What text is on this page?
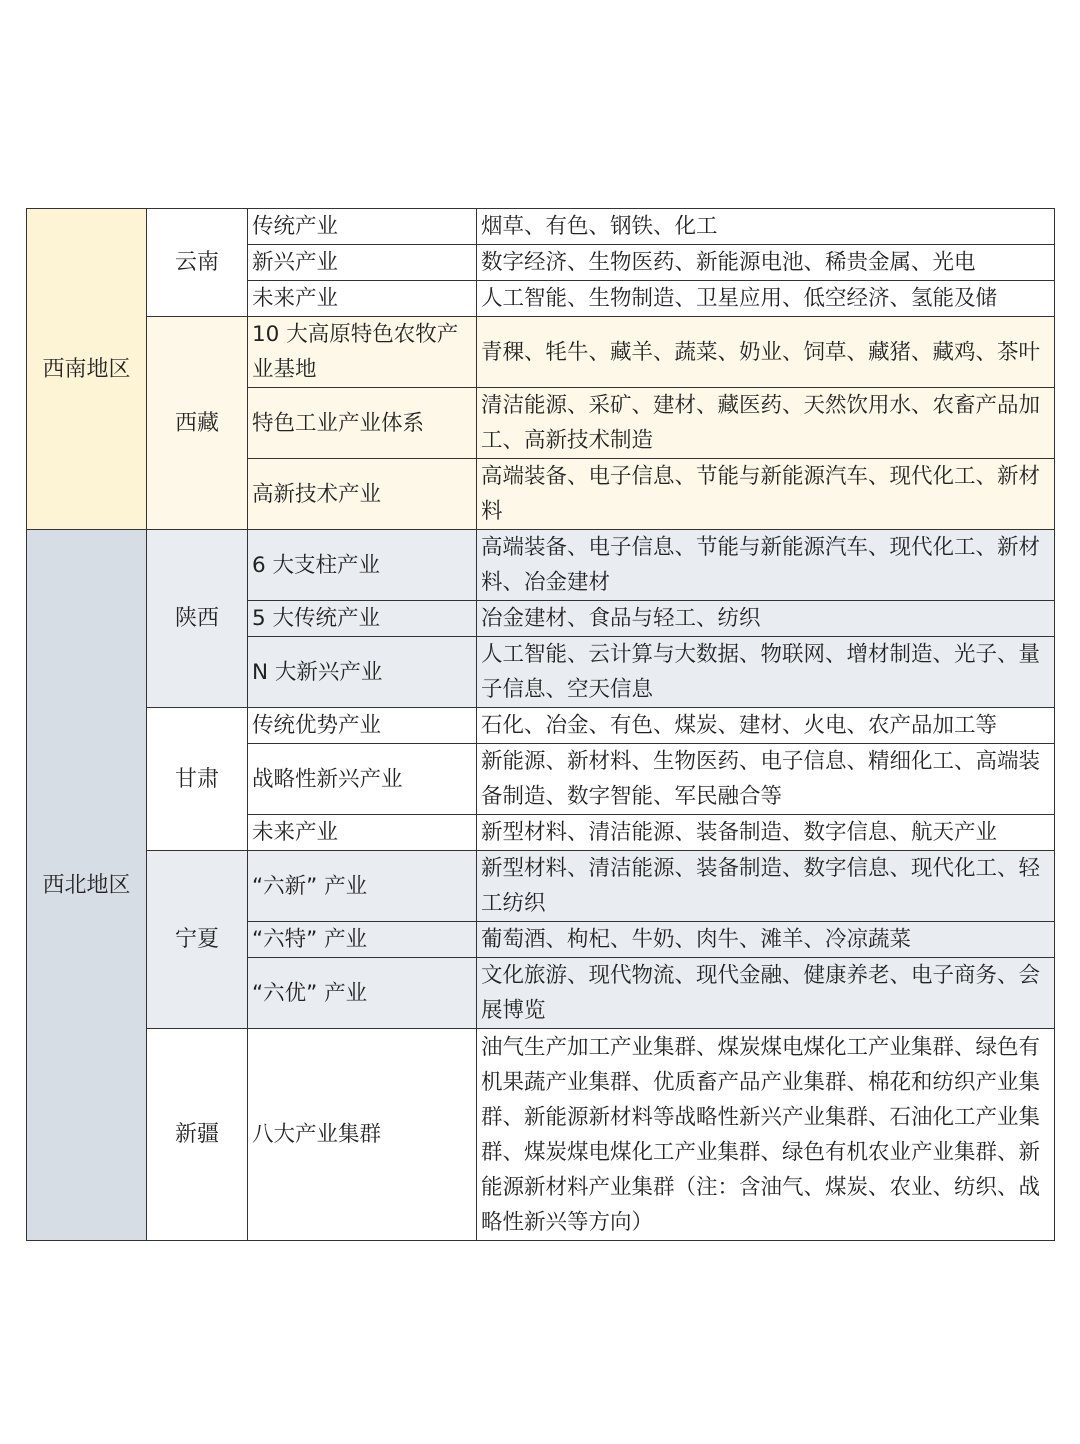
西南地区	云南	传统产业	烟草、有色、钢铁、化工
		新兴产业	数字经济、生物医药、新能源电池、稀贵金属、光电
		未来产业	人工智能、生物制造、卫星应用、低空经济、氢能及储
	西藏	10 大高原特色农牧产业基地	青稞、牦牛、藏羊、蔬菜、奶业、饲草、藏猪、藏鸡、茶叶
		特色工业产业体系	清洁能源、采矿、建材、藏医药、天然饮用水、农畜产品加工、高新技术制造
		高新技术产业	高端装备、电子信息、节能与新能源汽车、现代化工、新材料
西北地区	陕西	6 大支柱产业	高端装备、电子信息、节能与新能源汽车、现代化工、新材料、冶金建材
		5 大传统产业	冶金建材、食品与轻工、纺织
		N 大新兴产业	人工智能、云计算与大数据、物联网、增材制造、光子、量子信息、空天信息
	甘肃	传统优势产业	石化、冶金、有色、煤炭、建材、火电、农产品加工等
		战略性新兴产业	新能源、新材料、生物医药、电子信息、精细化工、高端装备制造、数字智能、军民融合等
		未来产业	新型材料、清洁能源、装备制造、数字信息、航天产业
	宁夏	“六新” 产业	新型材料、清洁能源、装备制造、数字信息、现代化工、轻工纺织
		“六特” 产业	葡萄酒、枸杞、牛奶、肉牛、滩羊、冷凉蔬菜
		“六优” 产业	文化旅游、现代物流、现代金融、健康养老、电子商务、会展博览
	新疆	八大产业集群	油气生产加工产业集群、煤炭煤电煤化工产业集群、绿色有机果蔬产业集群、优质畜产品产业集群、棉花和纺织产业集群、新能源新材料等战略性新兴产业集群、石油化工产业集群、煤炭煤电煤化工产业集群、绿色有机农业产业集群、新能源新材料产业集群（注：含油气、煤炭、农业、纺织、战略性新兴等方向）
